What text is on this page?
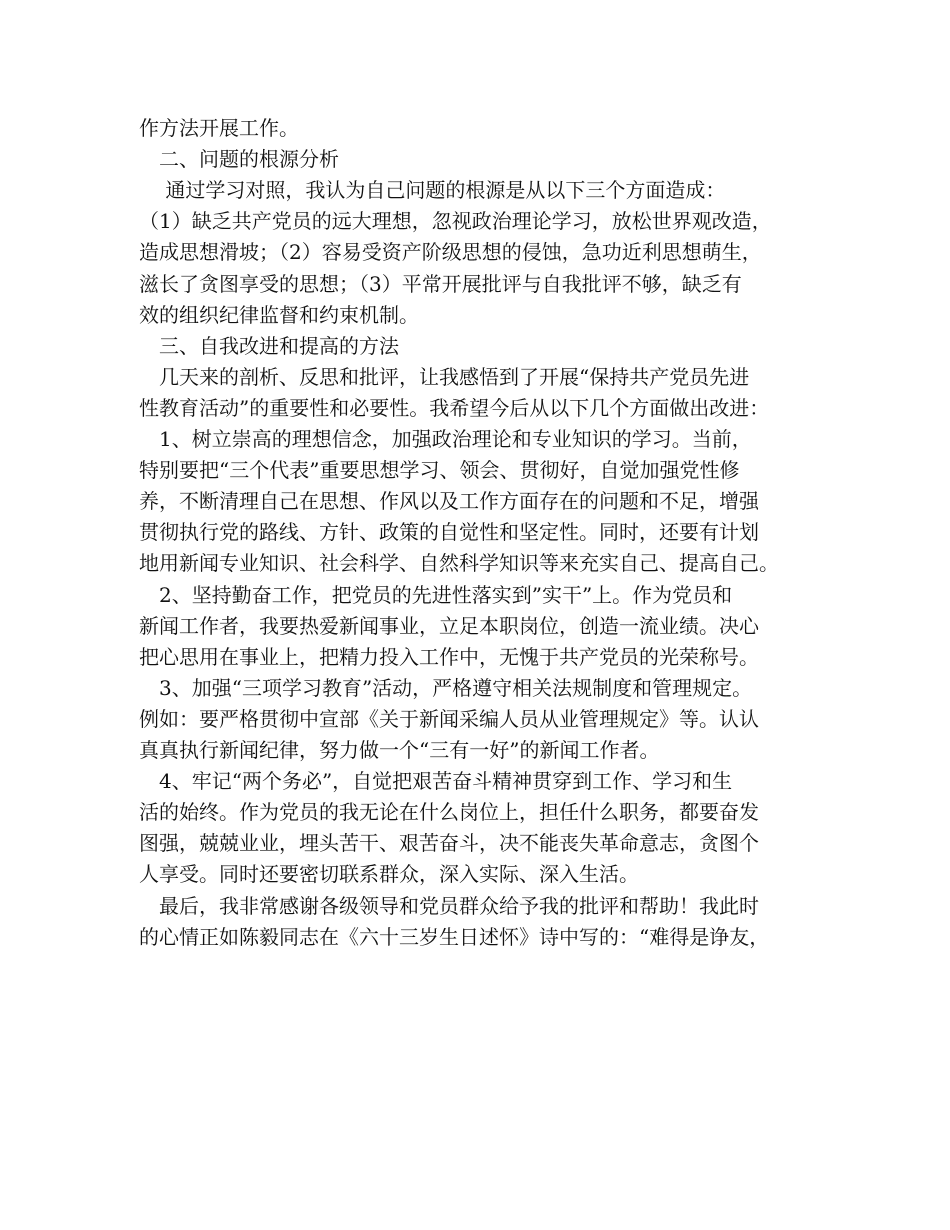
作方法开展工作。
　二、问题的根源分析
　 通过学习对照，我认为自己问题的根源是从以下三个方面造成：
（1）缺乏共产党员的远大理想，忽视政治理论学习，放松世界观改造，
造成思想滑坡；（2）容易受资产阶级思想的侵蚀，急功近利思想萌生，
滋长了贪图享受的思想；（3）平常开展批评与自我批评不够，缺乏有
效的组织纪律监督和约束机制。
　三、自我改进和提高的方法
　几天来的剖析、反思和批评，让我感悟到了开展“保持共产党员先进
性教育活动”的重要性和必要性。我希望今后从以下几个方面做出改进：
　1、树立崇高的理想信念，加强政治理论和专业知识的学习。当前，
特别要把“三个代表”重要思想学习、领会、贯彻好，自觉加强党性修
养，不断清理自己在思想、作风以及工作方面存在的问题和不足，增强
贯彻执行党的路线、方针、政策的自觉性和坚定性。同时，还要有计划
地用新闻专业知识、社会科学、自然科学知识等来充实自己、提高自己。
　2、坚持勤奋工作，把党员的先进性落实到”实干”上。作为党员和
新闻工作者，我要热爱新闻事业，立足本职岗位，创造一流业绩。决心
把心思用在事业上，把精力投入工作中，无愧于共产党员的光荣称号。
　3、加强“三项学习教育”活动，严格遵守相关法规制度和管理规定。
例如：要严格贯彻中宣部《关于新闻采编人员从业管理规定》等。认认
真真执行新闻纪律，努力做一个“三有一好”的新闻工作者。
　4、牢记“两个务必”，自觉把艰苦奋斗精神贯穿到工作、学习和生
活的始终。作为党员的我无论在什么岗位上，担任什么职务，都要奋发
图强，兢兢业业，埋头苦干、艰苦奋斗，决不能丧失革命意志，贪图个
人享受。同时还要密切联系群众，深入实际、深入生活。
　最后，我非常感谢各级领导和党员群众给予我的批评和帮助！我此时
的心情正如陈毅同志在《六十三岁生日述怀》诗中写的：“难得是诤友，
